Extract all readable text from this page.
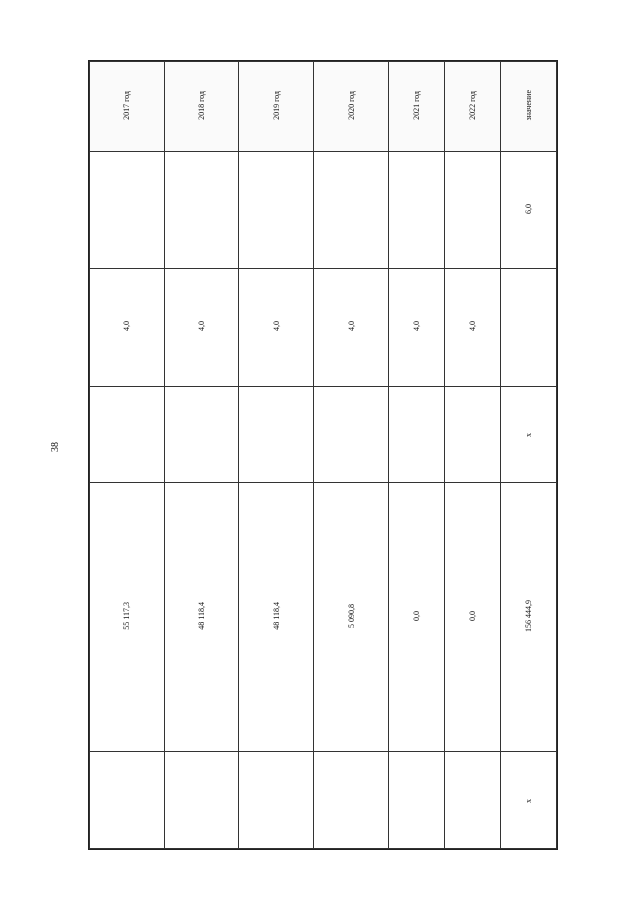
38
2017 год	2018 год	2019 год	2020 год	2021 год	2022 год	значение
						6,0
4,0	4,0	4,0	4,0	4,0	4,0	
						х
55 117,3	48 118,4	48 118,4	5 090,8	0,0	0,0	156 444,9
						х
